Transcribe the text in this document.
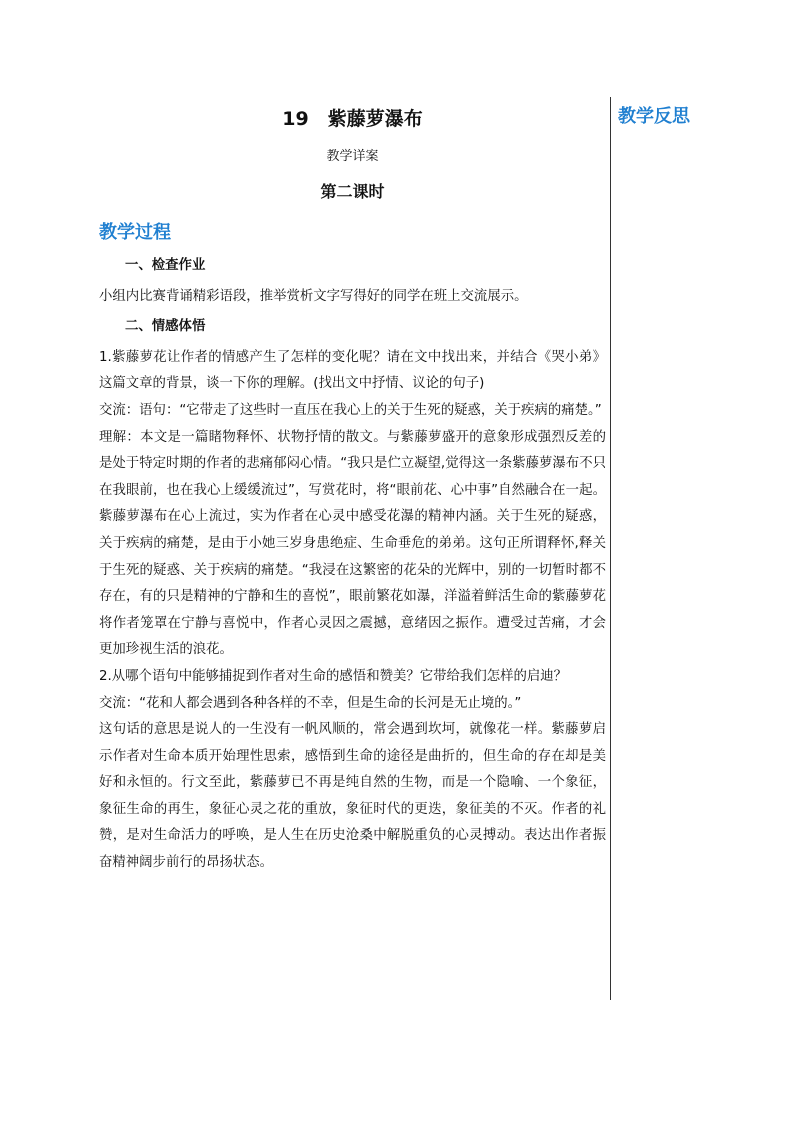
教学反思
19　紫藤萝瀑布
教学详案
第二课时
教学过程

一、检查作业

小组内比赛背诵精彩语段，推举赏析文字写得好的同学在班上交流展示。

二、情感体悟

1.紫藤萝花让作者的情感产生了怎样的变化呢？请在文中找出来，并结合《哭小弟》这篇文章的背景，谈一下你的理解。(找出文中抒情、议论的句子)

交流：语句：“它带走了这些时一直压在我心上的关于生死的疑惑，关于疾病的痛楚。”

理解：本文是一篇睹物释怀、状物抒情的散文。与紫藤萝盛开的意象形成强烈反差的是处于特定时期的作者的悲痛郁闷心情。“我只是伫立凝望,觉得这一条紫藤萝瀑布不只在我眼前，也在我心上缓缓流过”，写赏花时，将“眼前花、心中事”自然融合在一起。紫藤萝瀑布在心上流过，实为作者在心灵中感受花瀑的精神内涵。关于生死的疑惑，关于疾病的痛楚，是由于小她三岁身患绝症、生命垂危的弟弟。这句正所谓释怀,释关于生死的疑惑、关于疾病的痛楚。“我浸在这繁密的花朵的光辉中，别的一切暂时都不存在，有的只是精神的宁静和生的喜悦”，眼前繁花如瀑，洋溢着鲜活生命的紫藤萝花将作者笼罩在宁静与喜悦中，作者心灵因之震撼，意绪因之振作。遭受过苦痛，才会更加珍视生活的浪花。

2.从哪个语句中能够捕捉到作者对生命的感悟和赞美？它带给我们怎样的启迪？

交流：“花和人都会遇到各种各样的不幸，但是生命的长河是无止境的。”

这句话的意思是说人的一生没有一帆风顺的，常会遇到坎坷，就像花一样。紫藤萝启示作者对生命本质开始理性思索，感悟到生命的途径是曲折的，但生命的存在却是美好和永恒的。行文至此，紫藤萝已不再是纯自然的生物，而是一个隐喻、一个象征，象征生命的再生，象征心灵之花的重放，象征时代的更迭，象征美的不灭。作者的礼赞，是对生命活力的呼唤，是人生在历史沧桑中解脱重负的心灵搏动。表达出作者振奋精神阔步前行的昂扬状态。
